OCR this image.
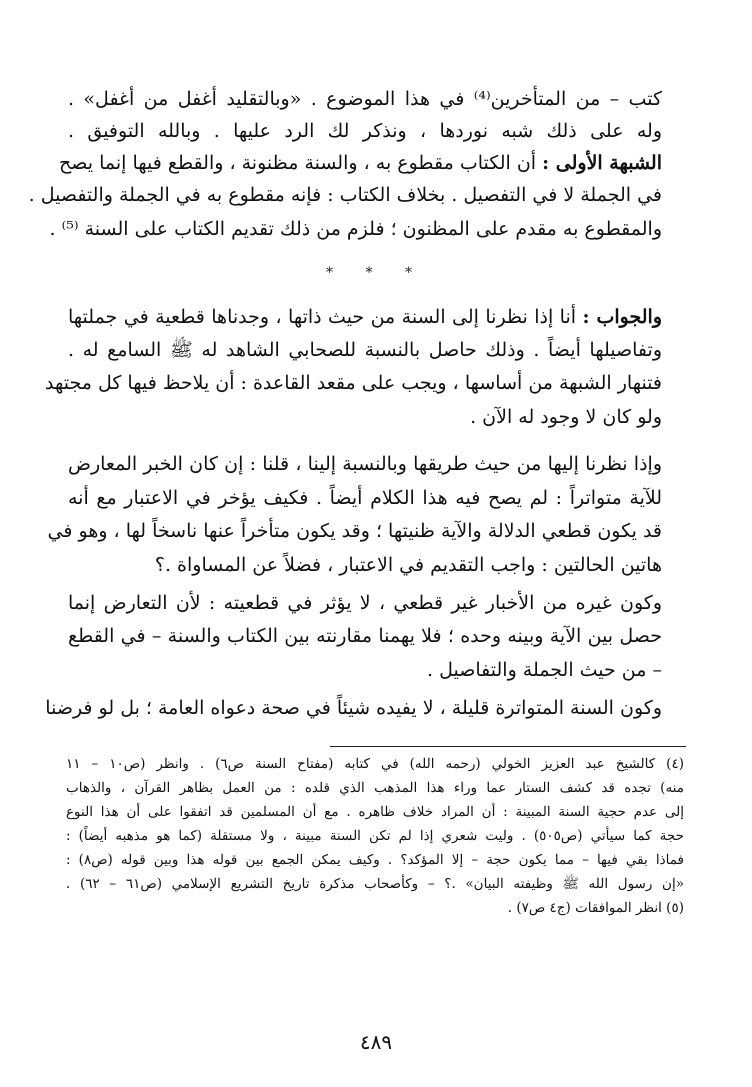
كتب – من المتأخرين⁽⁴⁾ في هذا الموضوع . «وبالتقليد أغفل من أغفل» .
وله على ذلك شبه نوردها ، ونذكر لك الرد عليها . وبالله التوفيق .
الشبهة الأولى : أن الكتاب مقطوع به ، والسنة مظنونة ، والقطع فيها إنما يصح
في الجملة لا في التفصيل . بخلاف الكتاب : فإنه مقطوع به في الجملة والتفصيل .
والمقطوع به مقدم على المظنون ؛ فلزم من ذلك تقديم الكتاب على السنة ⁽⁵⁾ .
* * *
والجواب : أنا إذا نظرنا إلى السنة من حيث ذاتها ، وجدناها قطعية في جملتها
وتفاصيلها أيضاً . وذلك حاصل بالنسبة للصحابي الشاهد له ﷺ السامع له .
فتنهار الشبهة من أساسها ، ويجب على مقعد القاعدة : أن يلاحظ فيها كل مجتهد
ولو كان لا وجود له الآن .
وإذا نظرنا إليها من حيث طريقها وبالنسبة إلينا ، قلنا : إن كان الخبر المعارض
للآية متواتراً : لم يصح فيه هذا الكلام أيضاً . فكيف يؤخر في الاعتبار مع أنه
قد يكون قطعي الدلالة والآية ظنيتها ؛ وقد يكون متأخراً عنها ناسخاً لها ، وهو في
هاتين الحالتين : واجب التقديم في الاعتبار ، فضلاً عن المساواة .؟
وكون غيره من الأخبار غير قطعي ، لا يؤثر في قطعيته : لأن التعارض إنما
حصل بين الآية وبينه وحده ؛ فلا يهمنا مقارنته بين الكتاب والسنة – في القطع
– من حيث الجملة والتفاصيل .
وكون السنة المتواترة قليلة ، لا يفيده شيئاً في صحة دعواه العامة ؛ بل لو فرضنا
(٤) كالشيخ عبد العزيز الخولي (رحمه الله) في كتابه (مفتاح السنة ص٦) . وانظر (ص١٠ – ١١
منه) تجده قد كشف الستار عما وراء هذا المذهب الذي قلده : من العمل بظاهر القرآن ، والذهاب
إلى عدم حجية السنة المبينة : أن المراد خلاف ظاهره . مع أن المسلمين قد اتفقوا على أن هذا النوع
حجة كما سيأتي (ص٥٠٥) . وليت شعري إذا لم تكن السنة مبينة ، ولا مستقلة (كما هو مذهبه أيضاً) :
فماذا بقي فيها – مما يكون حجة – إلا المؤكد؟ . وكيف يمكن الجمع بين قوله هذا وبين قوله (ص٨) :
«إن رسول الله ﷺ وظيفته البيان» .؟ – وكأصحاب مذكرة تاريخ التشريع الإسلامي (ص٦١ – ٦٢) .
(٥) انظر الموافقات (ج٤ ص٧) .
٤٨٩
